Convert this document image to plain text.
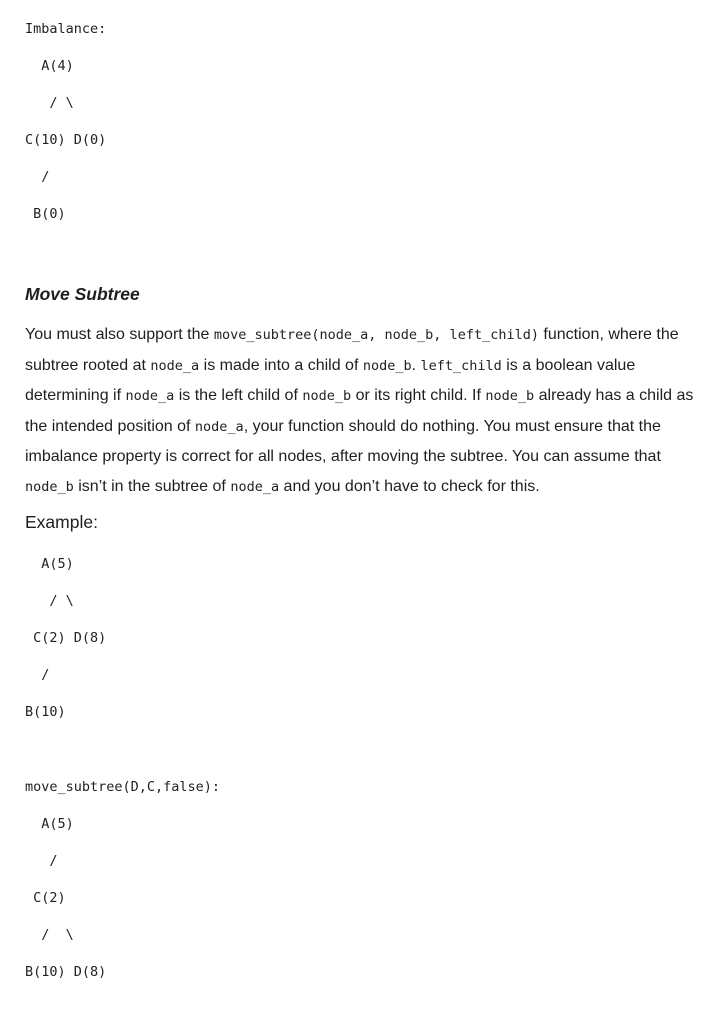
Imbalance:
A(4)
/ \
C(10) D(0)
/
B(0)
Move Subtree

You must also support the move_subtree(node_a, node_b, left_child) function, where the subtree rooted at node_a is made into a child of node_b. left_child is a boolean value determining if node_a is the left child of node_b or its right child. If node_b already has a child as the intended position of node_a, your function should do nothing. You must ensure that the imbalance property is correct for all nodes, after moving the subtree. You can assume that node_b isn’t in the subtree of node_a and you don’t have to check for this.

Example:
A(5)
/ \
C(2) D(8)
/
B(10)
move_subtree(D,C,false):
A(5)
/
C(2)
/  \
B(10) D(8)
